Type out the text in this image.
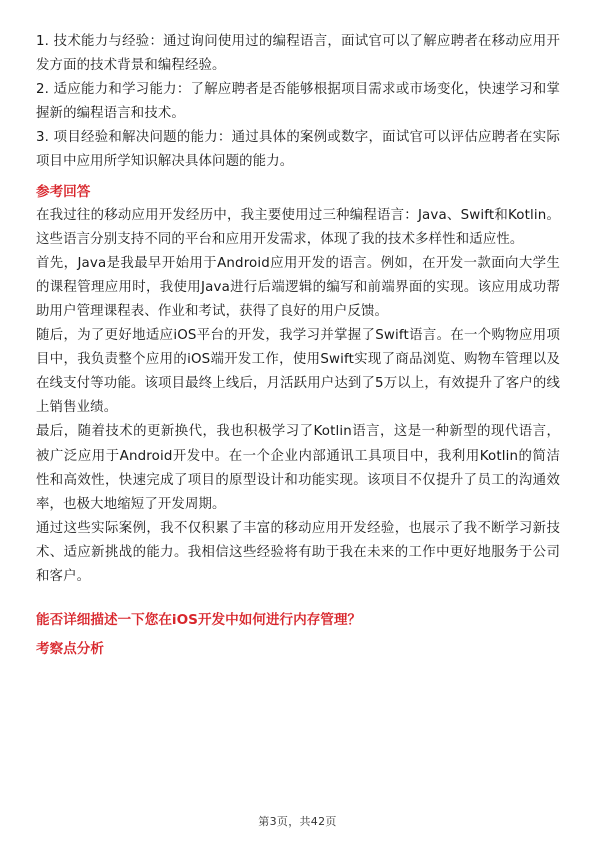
1. 技术能力与经验：通过询问使用过的编程语言，面试官可以了解应聘者在移动应用开发方面的技术背景和编程经验。

2. 适应能力和学习能力：了解应聘者是否能够根据项目需求或市场变化，快速学习和掌握新的编程语言和技术。

3. 项目经验和解决问题的能力：通过具体的案例或数字，面试官可以评估应聘者在实际项目中应用所学知识解决具体问题的能力。

参考回答

在我过往的移动应用开发经历中，我主要使用过三种编程语言：Java、Swift和Kotlin。这些语言分别支持不同的平台和应用开发需求，体现了我的技术多样性和适应性。

首先，Java是我最早开始用于Android应用开发的语言。例如，在开发一款面向大学生的课程管理应用时，我使用Java进行后端逻辑的编写和前端界面的实现。该应用成功帮助用户管理课程表、作业和考试，获得了良好的用户反馈。

随后，为了更好地适应iOS平台的开发，我学习并掌握了Swift语言。在一个购物应用项目中，我负责整个应用的iOS端开发工作，使用Swift实现了商品浏览、购物车管理以及在线支付等功能。该项目最终上线后，月活跃用户达到了5万以上，有效提升了客户的线上销售业绩。

最后，随着技术的更新换代，我也积极学习了Kotlin语言，这是一种新型的现代语言，被广泛应用于Android开发中。在一个企业内部通讯工具项目中，我利用Kotlin的简洁性和高效性，快速完成了项目的原型设计和功能实现。该项目不仅提升了员工的沟通效率，也极大地缩短了开发周期。

通过这些实际案例，我不仅积累了丰富的移动应用开发经验，也展示了我不断学习新技术、适应新挑战的能力。我相信这些经验将有助于我在未来的工作中更好地服务于公司和客户。

能否详细描述一下您在iOS开发中如何进行内存管理？
考察点分析
第3页，共42页
